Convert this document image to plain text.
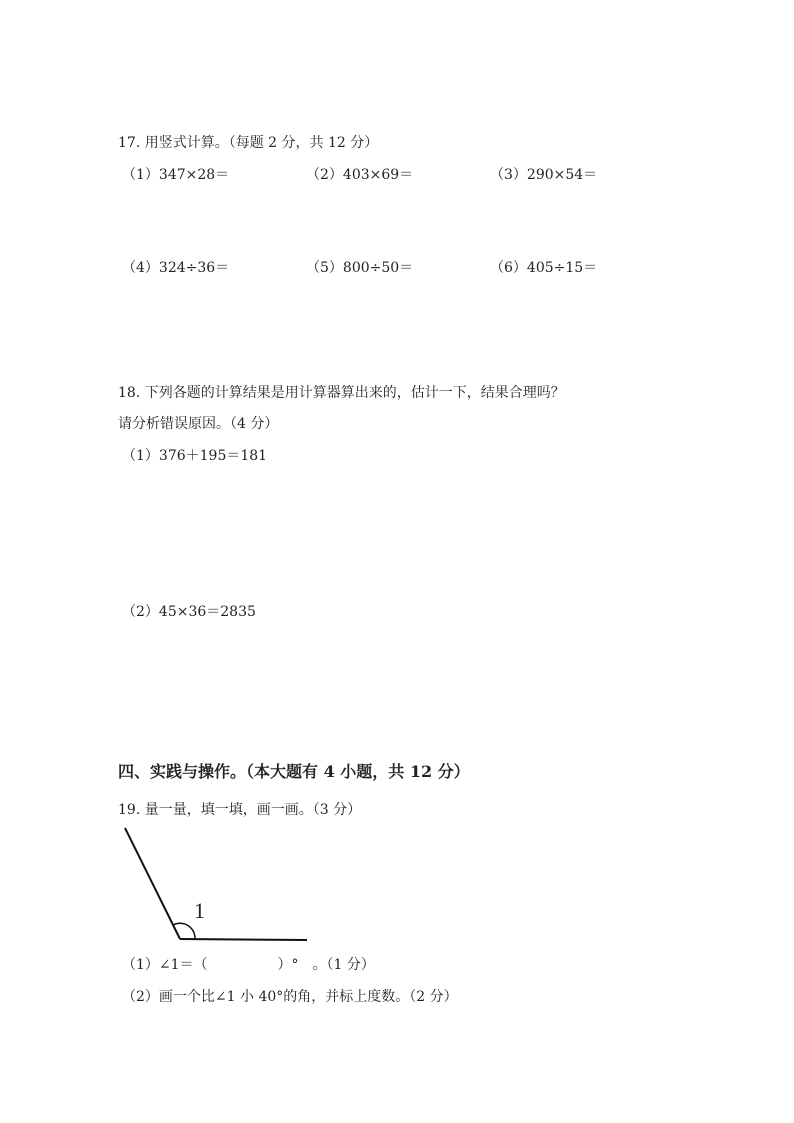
17. 用竖式计算。（每题 2 分，共 12 分）
（1）347×28＝	（2）403×69＝	（3）290×54＝
（4）324÷36＝	（5）800÷50＝	（6）405÷15＝
18. 下列各题的计算结果是用计算器算出来的，估计一下，结果合理吗？
请分析错误原因。（4 分）
（1）376＋195＝181
（2）45×36＝2835
四、实践与操作。（本大题有 4 小题，共 12 分）
19. 量一量，填一填，画一画。（3 分）
1
（1）∠1＝（　　　　　）°　。（1 分）
（2）画一个比∠1 小 40°的角，并标上度数。（2 分）
